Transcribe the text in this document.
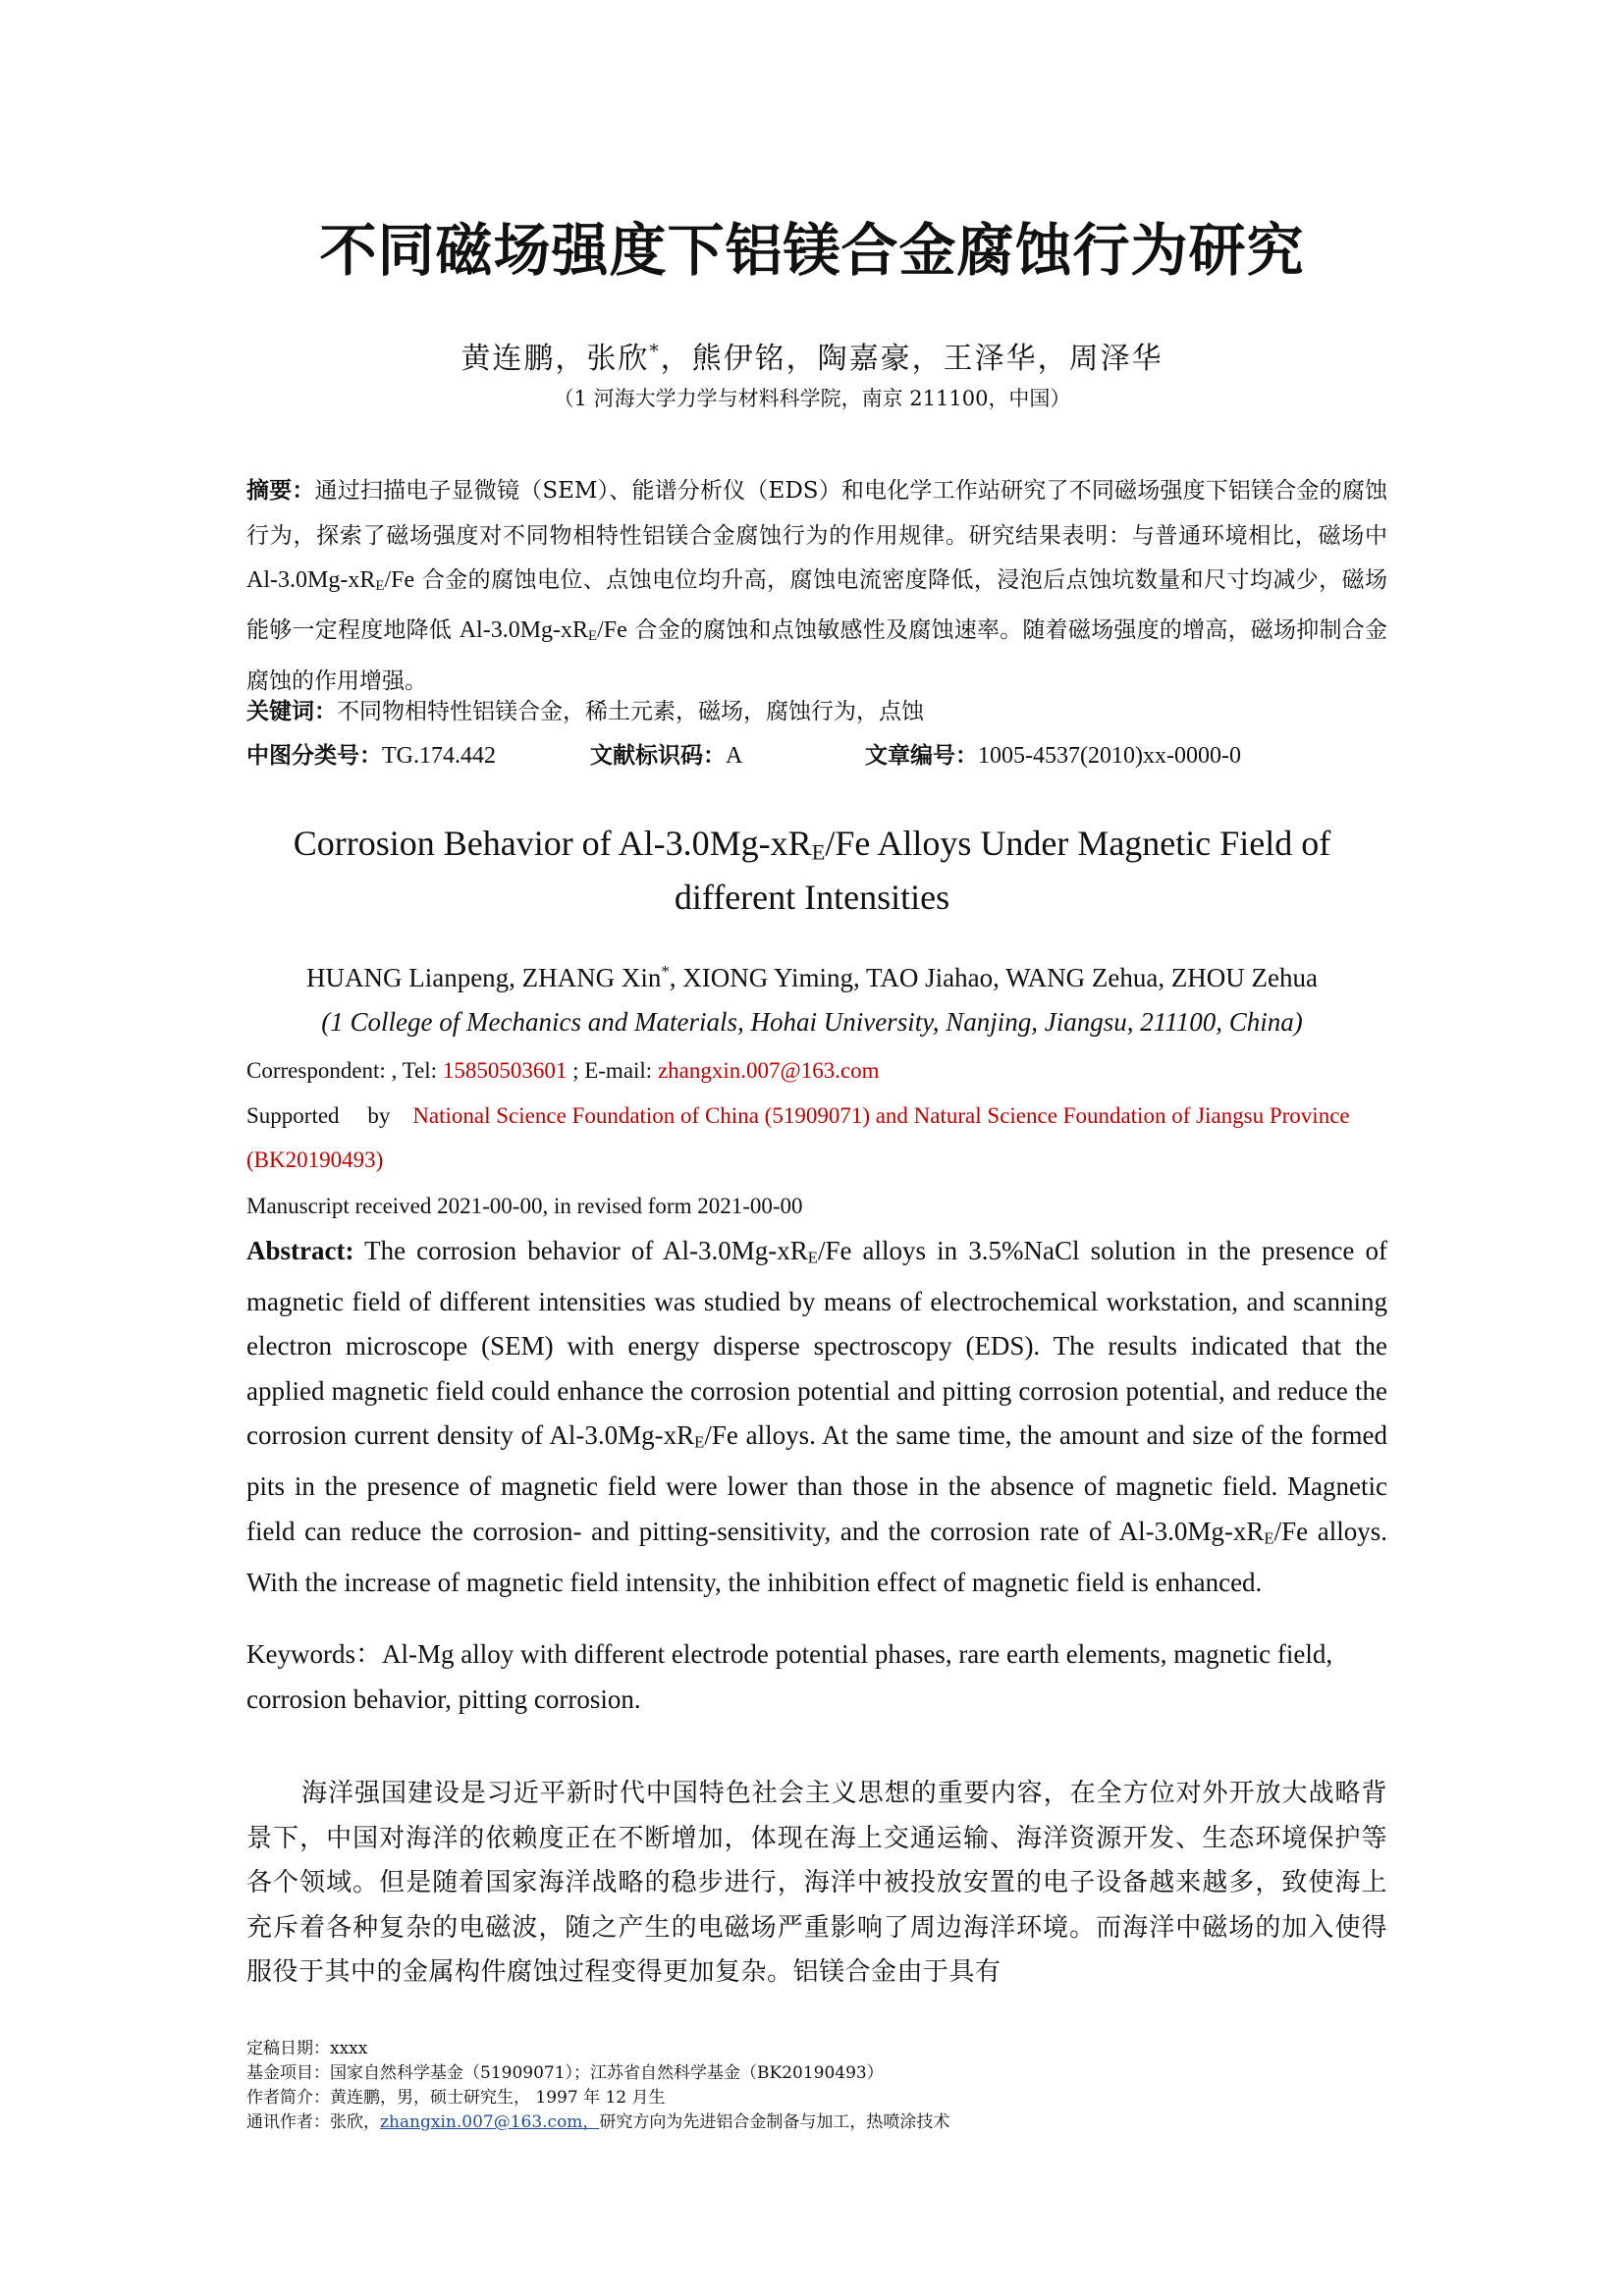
不同磁场强度下铝镁合金腐蚀行为研究
黄连鹏，张欣*，熊伊铭，陶嘉豪，王泽华，周泽华
（1 河海大学力学与材料科学院，南京 211100，中国）
摘要：通过扫描电子显微镜（SEM）、能谱分析仪（EDS）和电化学工作站研究了不同磁场强度下铝镁合金的腐蚀行为，探索了磁场强度对不同物相特性铝镁合金腐蚀行为的作用规律。研究结果表明：与普通环境相比，磁场中 $Al-3.0Mg-xR_E/Fe$ 合金的腐蚀电位、点蚀电位均升高，腐蚀电流密度降低，浸泡后点蚀坑数量和尺寸均减少，磁场能够一定程度地降低 $Al-3.0Mg-xR_E/Fe$ 合金的腐蚀和点蚀敏感性及腐蚀速率。随着磁场强度的增高，磁场抑制合金腐蚀的作用增强。
关键词：不同物相特性铝镁合金，稀土元素，磁场，腐蚀行为，点蚀
中图分类号：TG.174.442	文献标识码：A	文章编号：1005-4537(2010)xx-0000-0
Corrosion Behavior of $Al-3.0Mg-xR_E/Fe$ Alloys Under Magnetic Field of
different Intensities
HUANG Lianpeng, ZHANG Xin*, XIONG Yiming, TAO Jiahao, WANG Zehua, ZHOU Zehua
(1 College of Mechanics and Materials, Hohai University, Nanjing, Jiangsu, 211100, China)
Correspondent: , Tel: 15850503601 ; E-mail: zhangxin.007@163.com
Supported by National Science Foundation of China (51909071) and Natural Science Foundation of Jiangsu Province (BK20190493)
Manuscript received 2021-00-00, in revised form 2021-00-00
Abstract: The corrosion behavior of $Al-3.0Mg-xR_E/Fe$ alloys in 3.5%NaCl solution in the presence of magnetic field of different intensities was studied by means of electrochemical workstation, and scanning electron microscope (SEM) with energy disperse spectroscopy (EDS). The results indicated that the applied magnetic field could enhance the corrosion potential and pitting corrosion potential, and reduce the corrosion current density of $Al-3.0Mg-xR_E/Fe$ alloys. At the same time, the amount and size of the formed pits in the presence of magnetic field were lower than those in the absence of magnetic field. Magnetic field can reduce the corrosion- and pitting-sensitivity, and the corrosion rate of $Al-3.0Mg-xR_E/Fe$ alloys. With the increase of magnetic field intensity, the inhibition effect of magnetic field is enhanced.
Keywords：Al-Mg alloy with different electrode potential phases, rare earth elements, magnetic field, corrosion behavior, pitting corrosion.
海洋强国建设是习近平新时代中国特色社会主义思想的重要内容，在全方位对外开放大战略背景下，中国对海洋的依赖度正在不断增加，体现在海上交通运输、海洋资源开发、生态环境保护等各个领域。但是随着国家海洋战略的稳步进行，海洋中被投放安置的电子设备越来越多，致使海上充斥着各种复杂的电磁波，随之产生的电磁场严重影响了周边海洋环境。而海洋中磁场的加入使得服役于其中的金属构件腐蚀过程变得更加复杂。铝镁合金由于具有
定稿日期：xxxx
基金项目：国家自然科学基金（51909071）；江苏省自然科学基金（BK20190493）
作者简介：黄连鹏，男，硕士研究生， 1997 年 12 月生
通讯作者：张欣，zhangxin.007@163.com，研究方向为先进铝合金制备与加工，热喷涂技术
